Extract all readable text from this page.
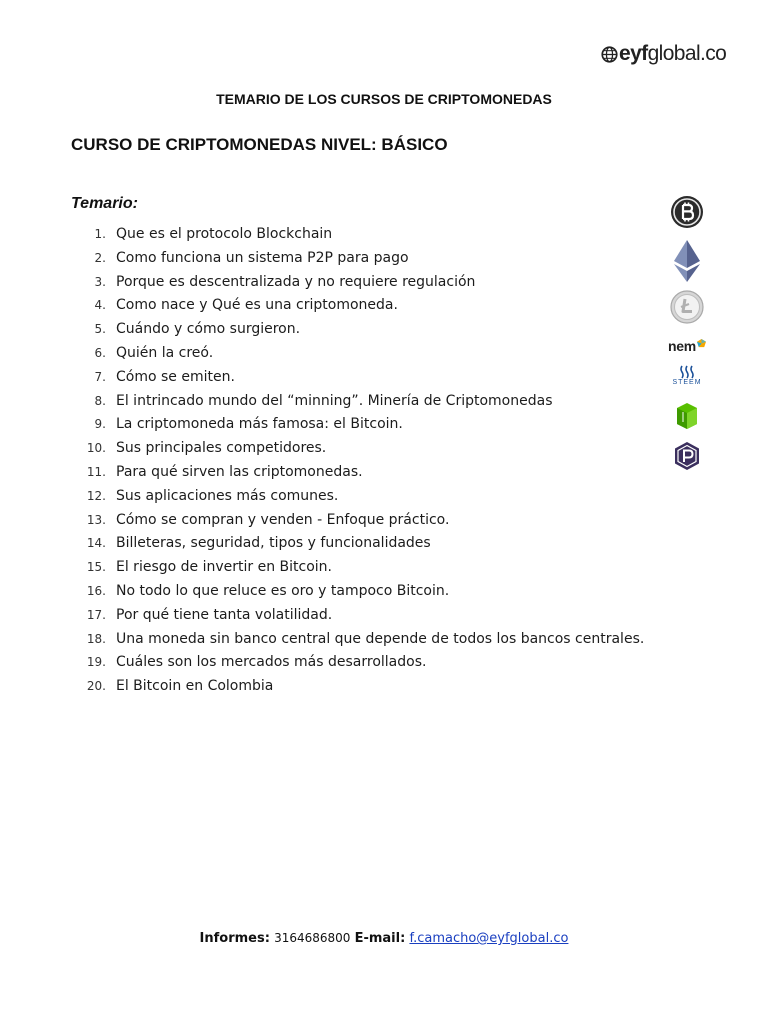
eyf global.co
TEMARIO DE LOS CURSOS DE CRIPTOMONEDAS
CURSO DE CRIPTOMONEDAS NIVEL: BÁSICO
Temario:
1. Que es el protocolo Blockchain
2. Como funciona un sistema P2P para pago
3. Porque es descentralizada y no requiere regulación
4. Como nace y Qué es una criptomoneda.
5. Cuándo y cómo surgieron.
6. Quién la creó.
7. Cómo se emiten.
8. El intrincado mundo del “minning”. Minería de Criptomonedas
9. La criptomoneda más famosa: el Bitcoin.
10. Sus principales competidores.
11. Para qué sirven las criptomonedas.
12. Sus aplicaciones más comunes.
13. Cómo se compran y venden - Enfoque práctico.
14. Billeteras, seguridad, tipos y funcionalidades
15. El riesgo de invertir en Bitcoin.
16. No todo lo que reluce es oro y tampoco Bitcoin.
17. Por qué tiene tanta volatilidad.
18. Una moneda sin banco central que depende de todos los bancos centrales.
19. Cuáles son los mercados más desarrollados.
20. El Bitcoin en Colombia
nem
STEEM
Informes: 3164686800 E-mail: f.camacho@eyfglobal.co
